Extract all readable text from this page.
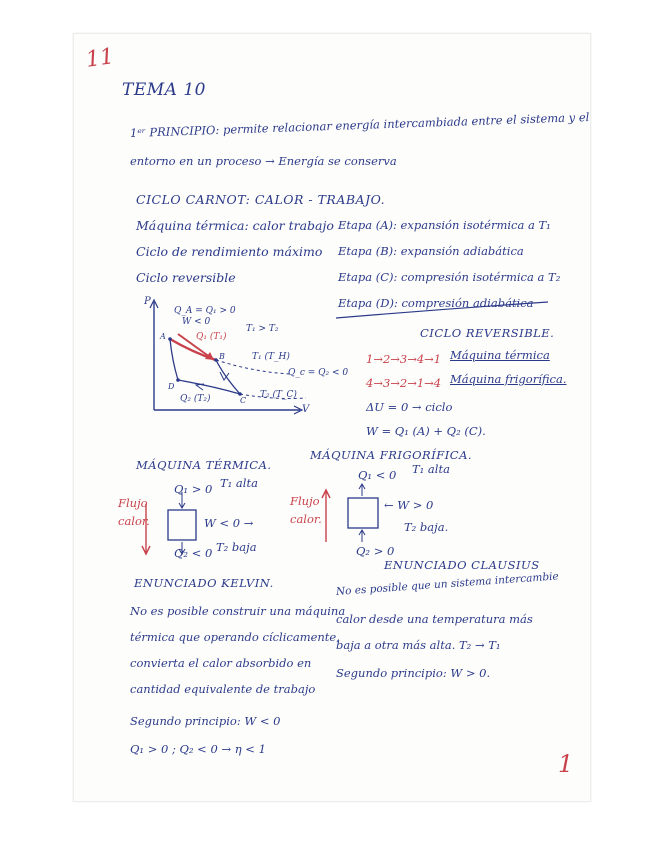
11
1
TEMA 10
1ᵉʳ PRINCIPIO: permite relacionar energía intercambiada entre el sistema y el
entorno en un proceso → Energía se conserva
CICLO CARNOT: CALOR - TRABAJO.
Máquina térmica: calor trabajo
Ciclo de rendimiento máximo
Ciclo reversible
Etapa (A): expansión isotérmica a T₁
Etapa (B): expansión adiabática
Etapa (C): compresión isotérmica a T₂
Etapa (D): compresión adiabática
P
V
Q_A = Q₁ > 0
W < 0
Q₁ (T₁)
T₁ > T₂
T₁ (T_H)
Q_c = Q₂ < 0
Q₂ (T₂)	T₂ (T_C)
A
B
C
D
CICLO REVERSIBLE.
1→2→3→4→1 Máquina térmica
4→3→2→1→4 Máquina frigorífica.
ΔU = 0 → ciclo
W = Q₁ (A) + Q₂ (C).
MÁQUINA TÉRMICA.
Flujo calor.
Q₁ > 0 T₁ alta
W < 0 →
Q₂ < 0 T₂ baja
MÁQUINA FRIGORÍFICA.
Flujo calor.
Q₁ < 0 T₁ alta
← W > 0
T₂ baja.
Q₂ > 0
ENUNCIADO KELVIN.
No es posible construir una máquina
térmica que operando cíclicamente,
convierta el calor absorbido en
cantidad equivalente de trabajo
Segundo principio: W < 0
Q₁ > 0 ; Q₂ < 0 → η < 1
ENUNCIADO CLAUSIUS
No es posible que un sistema intercambie
calor desde una temperatura más
baja a otra más alta. T₂ → T₁
Segundo principio: W > 0.
